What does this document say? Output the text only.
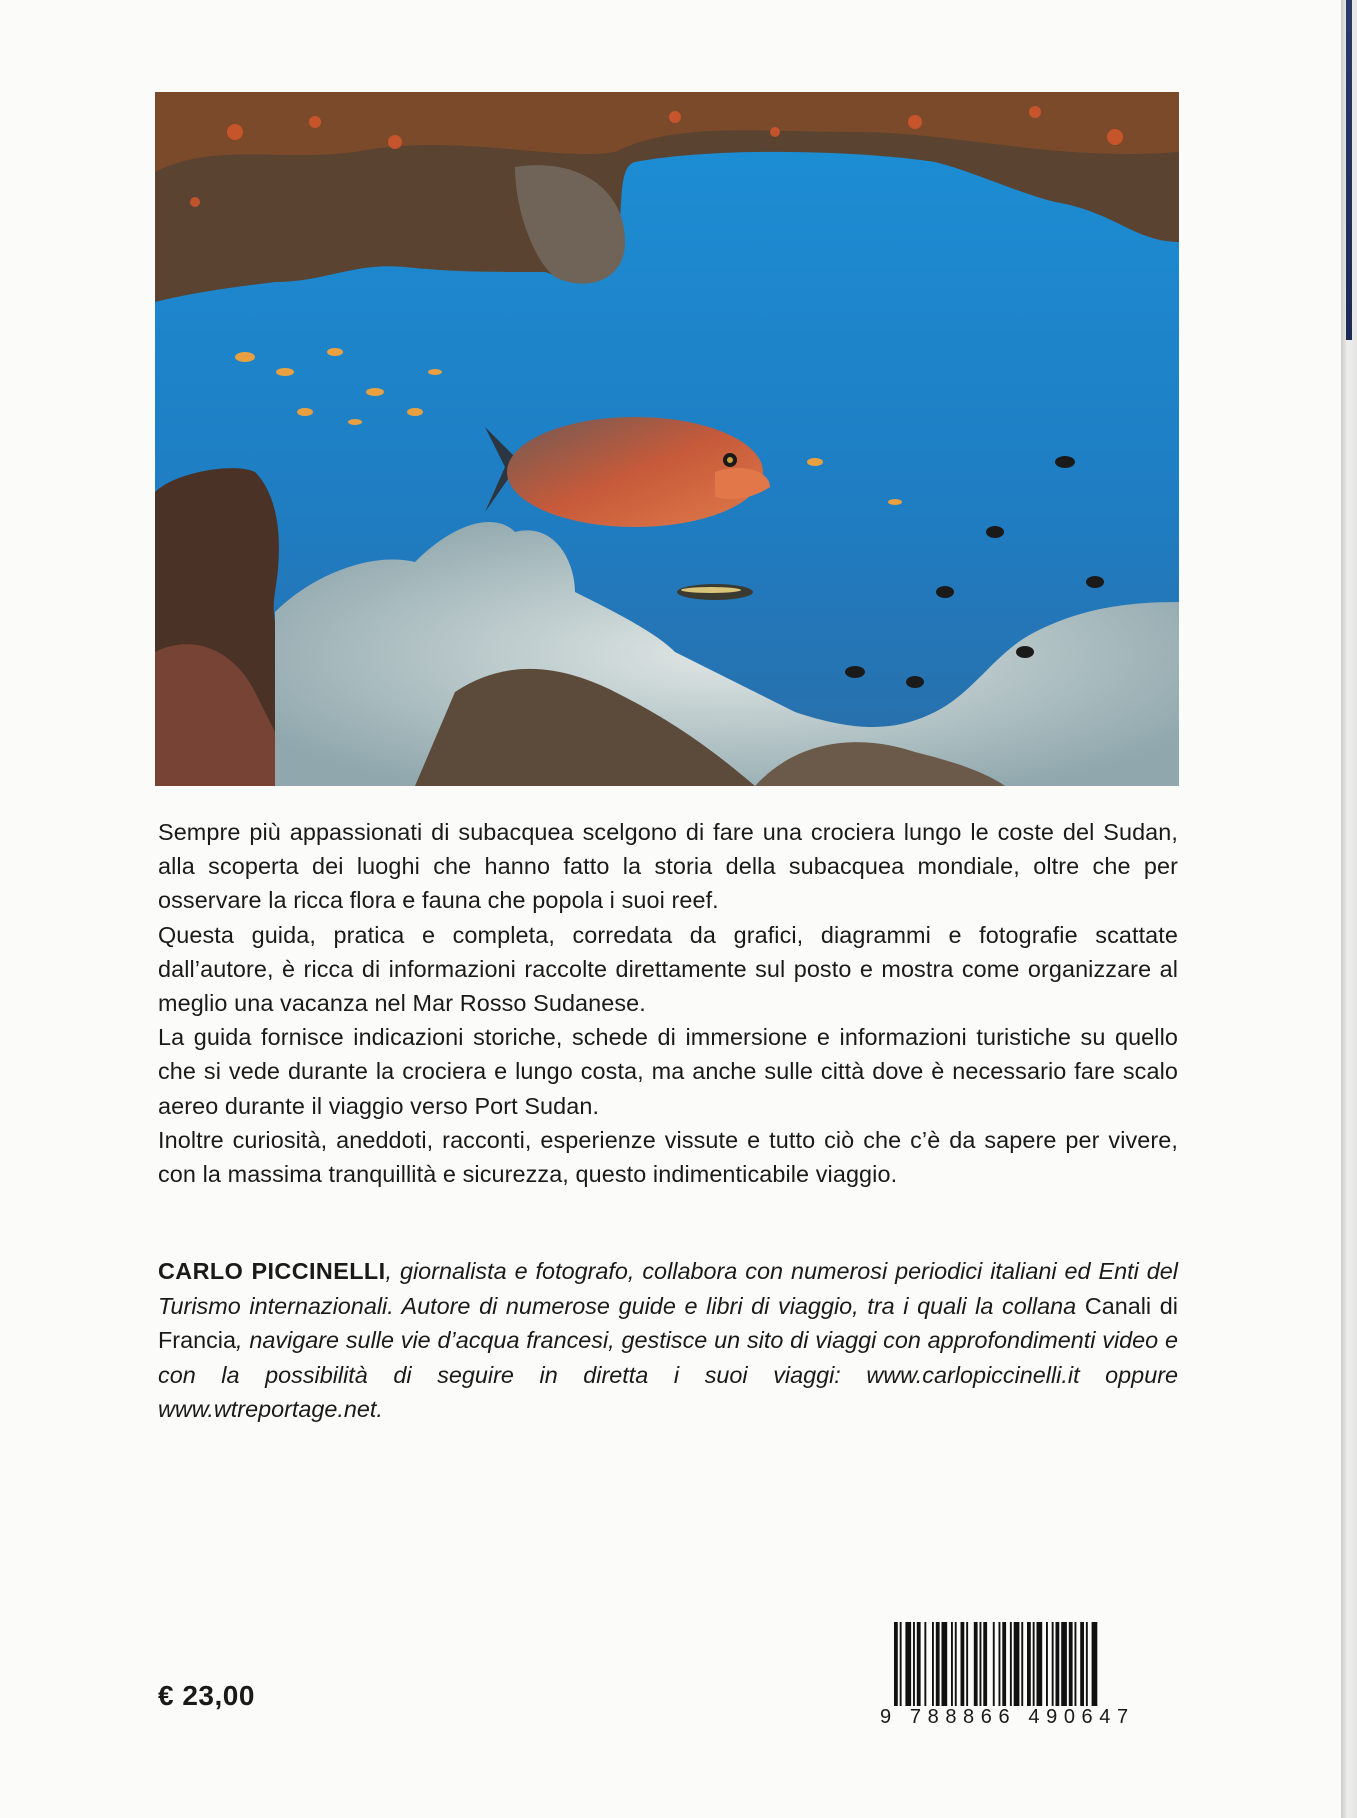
Sempre più appassionati di subacquea scelgono di fare una crociera lungo le coste del Sudan, alla scoperta dei luoghi che hanno fatto la storia della subacquea mondiale, oltre che per osservare la ricca flora e fauna che popola i suoi reef.

Questa guida, pratica e completa, corredata da grafici, diagrammi e fotografie scattate dall’autore, è ricca di informazioni raccolte direttamente sul posto e mostra come organizzare al meglio una vacanza nel Mar Rosso Sudanese.

La guida fornisce indicazioni storiche, schede di immersione e informazioni turistiche su quello che si vede durante la crociera e lungo costa, ma anche sulle città dove è necessario fare scalo aereo durante il viaggio verso Port Sudan.

Inoltre curiosità, aneddoti, racconti, esperienze vissute e tutto ciò che c’è da sapere per vivere, con la massima tranquillità e sicurezza, questo indimenticabile viaggio.

CARLO PICCINELLI, giornalista e fotografo, collabora con numerosi periodici italiani ed Enti del Turismo internazionali. Autore di numerose guide e libri di viaggio, tra i quali la collana Canali di Francia, navigare sulle vie d’acqua francesi, gestisce un sito di viaggi con approfondimenti video e con la possibilità di seguire in diretta i suoi viaggi: www.carlopiccinelli.it oppure www.wtreportage.net.
€ 23,00
9 788866 490647
